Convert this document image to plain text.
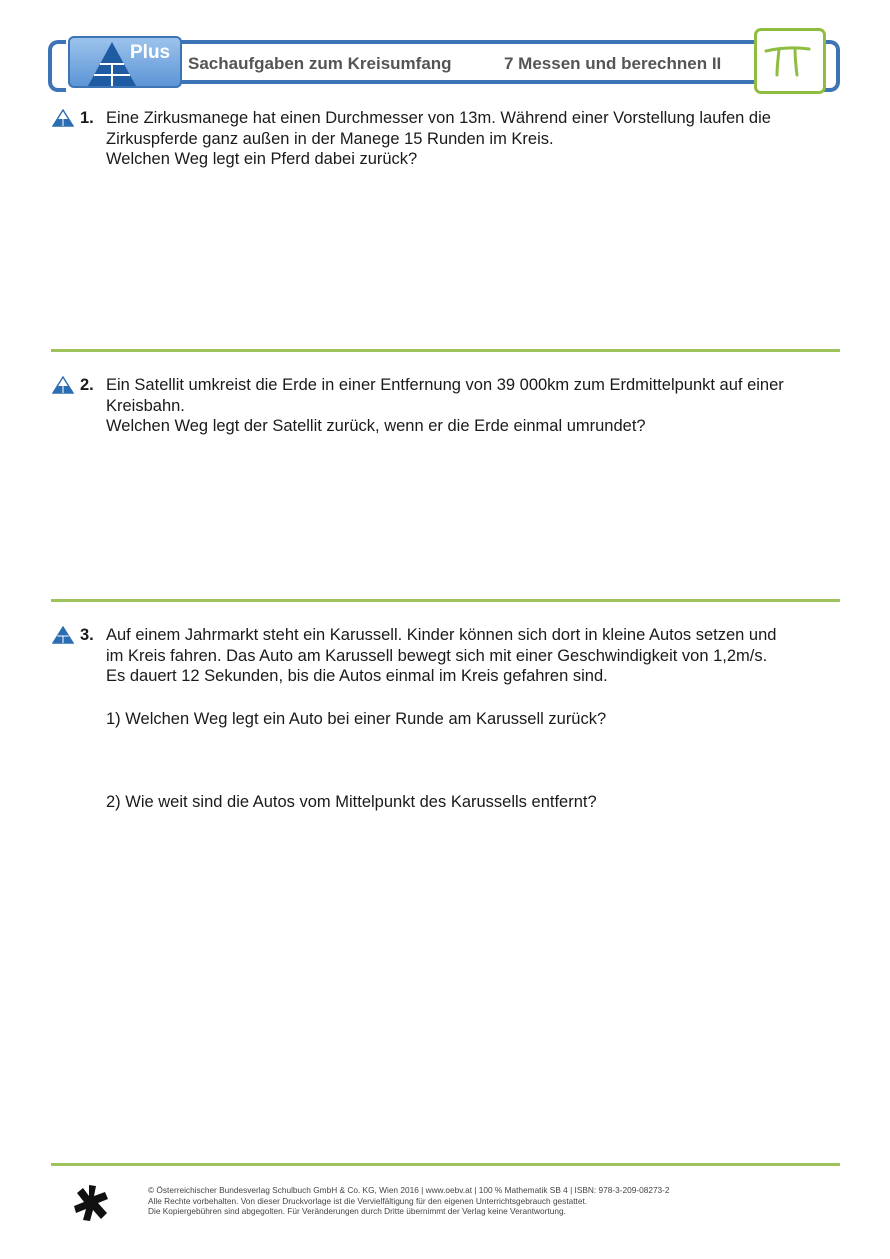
Plus
Sachaufgaben zum Kreisumfang	7 Messen und berechnen II
1. Eine Zirkusmanege hat einen Durchmesser von 13m. Während einer Vorstellung laufen die

Zirkuspferde ganz außen in der Manege 15 Runden im Kreis.

Welchen Weg legt ein Pferd dabei zurück?

2. Ein Satellit umkreist die Erde in einer Entfernung von 39 000km zum Erdmittelpunkt auf einer

Kreisbahn.

Welchen Weg legt der Satellit zurück, wenn er die Erde einmal umrundet?

3. Auf einem Jahrmarkt steht ein Karussell. Kinder können sich dort in kleine Autos setzen und

im Kreis fahren. Das Auto am Karussell bewegt sich mit einer Geschwindigkeit von 1,2m/s.

Es dauert 12 Sekunden, bis die Autos einmal im Kreis gefahren sind.

1) Welchen Weg legt ein Auto bei einer Runde am Karussell zurück?
2) Wie weit sind die Autos vom Mittelpunkt des Karussells entfernt?
© Österreichischer Bundesverlag Schulbuch GmbH & Co. KG, Wien 2016 | www.oebv.at | 100 % Mathematik SB 4 | ISBN: 978-3-209-08273-2
Alle Rechte vorbehalten. Von dieser Druckvorlage ist die Vervielfältigung für den eigenen Unterrichtsgebrauch gestattet.
Die Kopiergebühren sind abgegolten. Für Veränderungen durch Dritte übernimmt der Verlag keine Verantwortung.
